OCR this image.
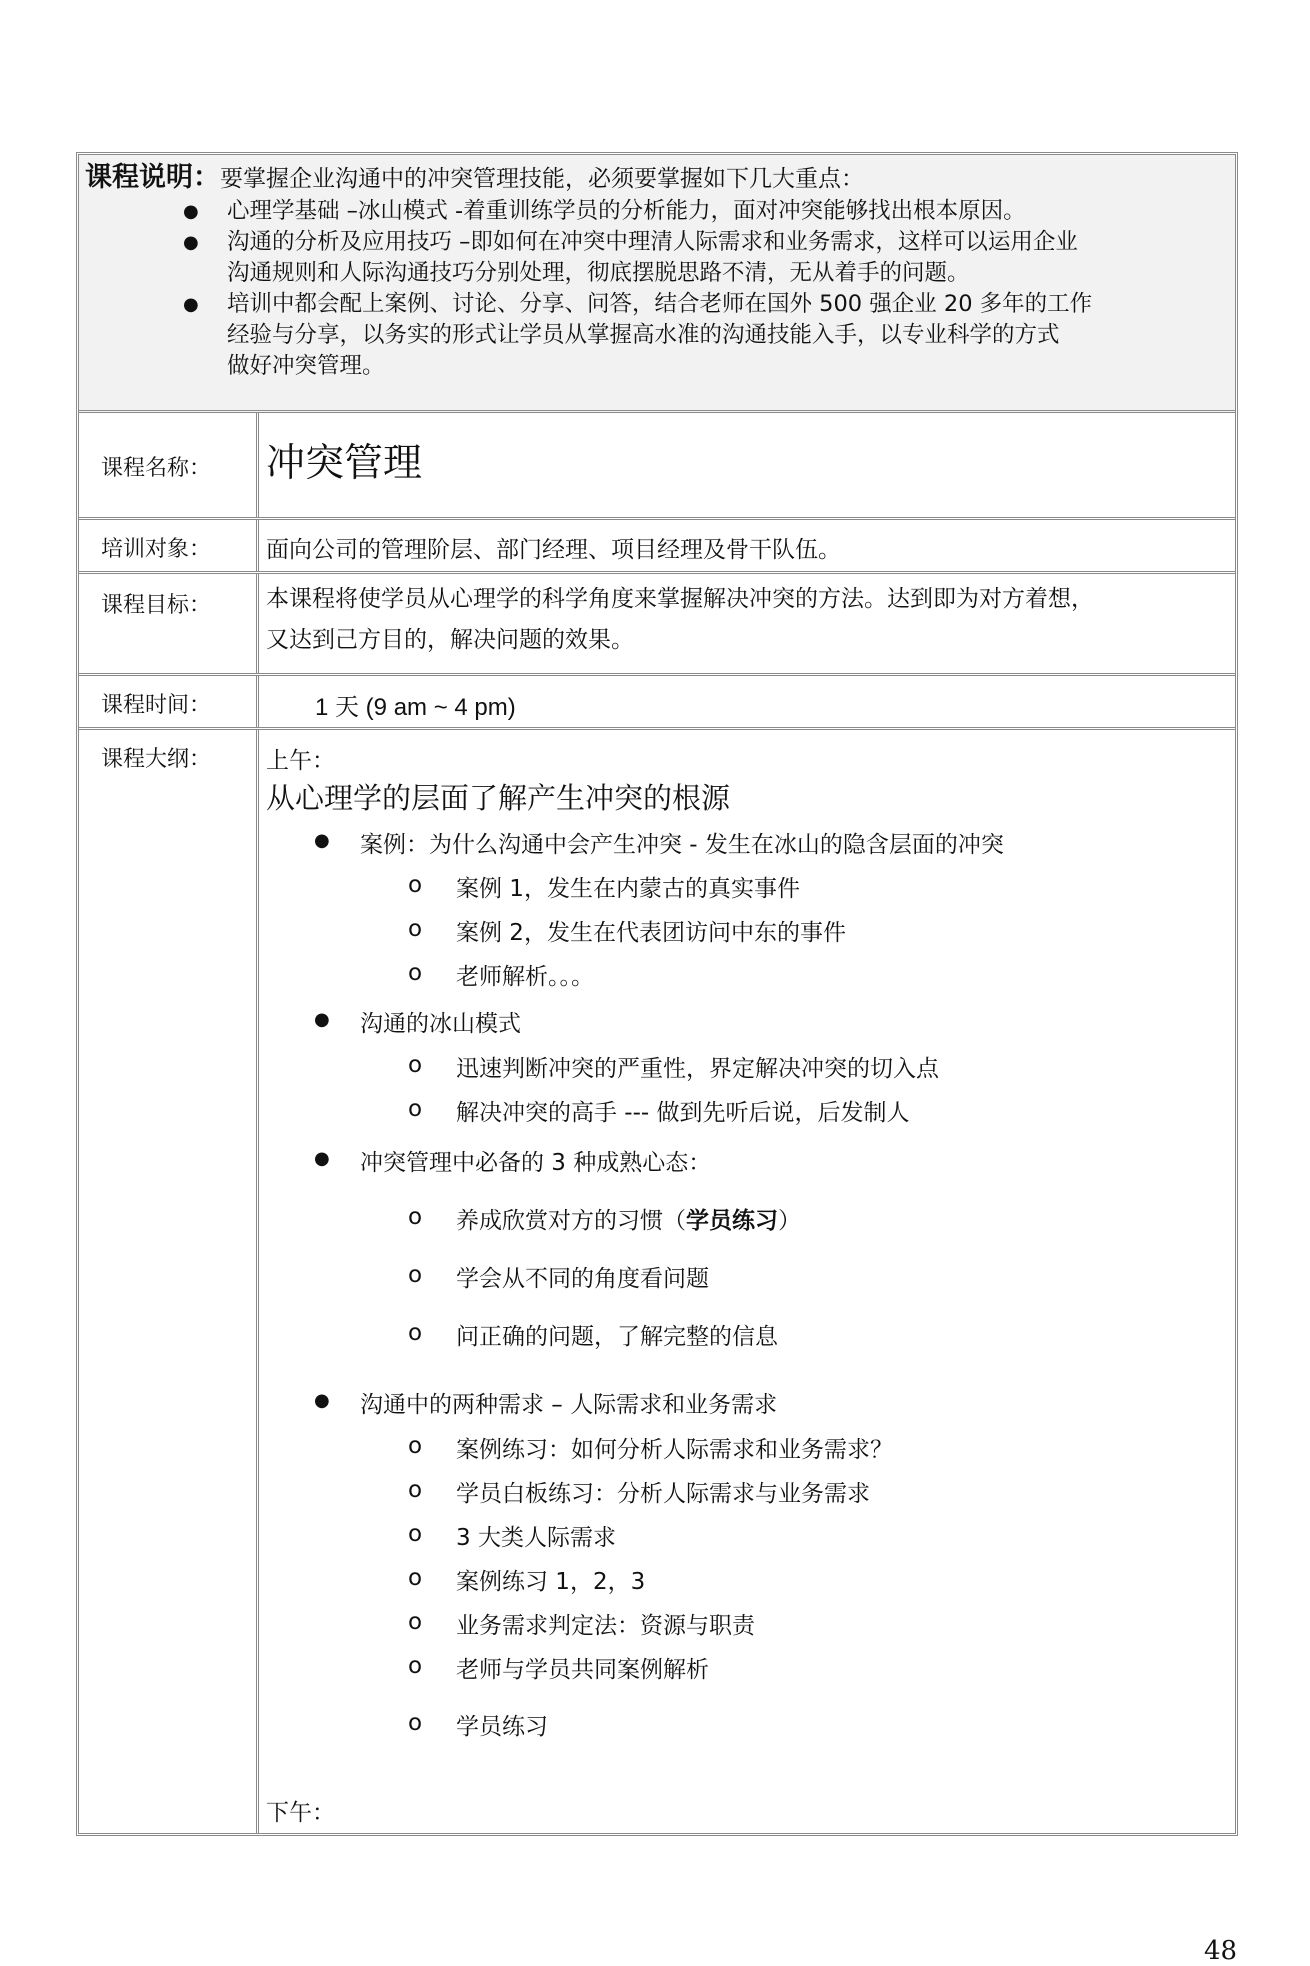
课程说明：要掌握企业沟通中的冲突管理技能，必须要掌握如下几大重点：
● 心理学基础 –冰山模式 -着重训练学员的分析能力，面对冲突能够找出根本原因。
● 沟通的分析及应用技巧 –即如何在冲突中理清人际需求和业务需求，这样可以运用企业
沟通规则和人际沟通技巧分别处理，彻底摆脱思路不清，无从着手的问题。
● 培训中都会配上案例、讨论、分享、问答，结合老师在国外 500 强企业 20 多年的工作
经验与分享，以务实的形式让学员从掌握高水准的沟通技能入手，以专业科学的方式
做好冲突管理。
课程名称：	冲突管理
培训对象：	面向公司的管理阶层、部门经理、项目经理及骨干队伍。
课程目标：	本课程将使学员从心理学的科学角度来掌握解决冲突的方法。达到即为对方着想，
又达到己方目的，解决问题的效果。
课程时间：	1 天 (9 am ~ 4 pm)
课程大纲：	上午：
从心理学的层面了解产生冲突的根源
● 案例：为什么沟通中会产生冲突 - 发生在冰山的隐含层面的冲突
o 案例 1，发生在内蒙古的真实事件
o 案例 2，发生在代表团访问中东的事件
o 老师解析。。。
● 沟通的冰山模式
o 迅速判断冲突的严重性，界定解决冲突的切入点
o 解决冲突的高手 --- 做到先听后说，后发制人
● 冲突管理中必备的 3 种成熟心态：
o 养成欣赏对方的习惯（学员练习）
o 学会从不同的角度看问题
o 问正确的问题，了解完整的信息
● 沟通中的两种需求 – 人际需求和业务需求
o 案例练习：如何分析人际需求和业务需求？
o 学员白板练习：分析人际需求与业务需求
o 3 大类人际需求
o 案例练习 1，2，3
o 业务需求判定法：资源与职责
o 老师与学员共同案例解析
o 学员练习
下午：
48
